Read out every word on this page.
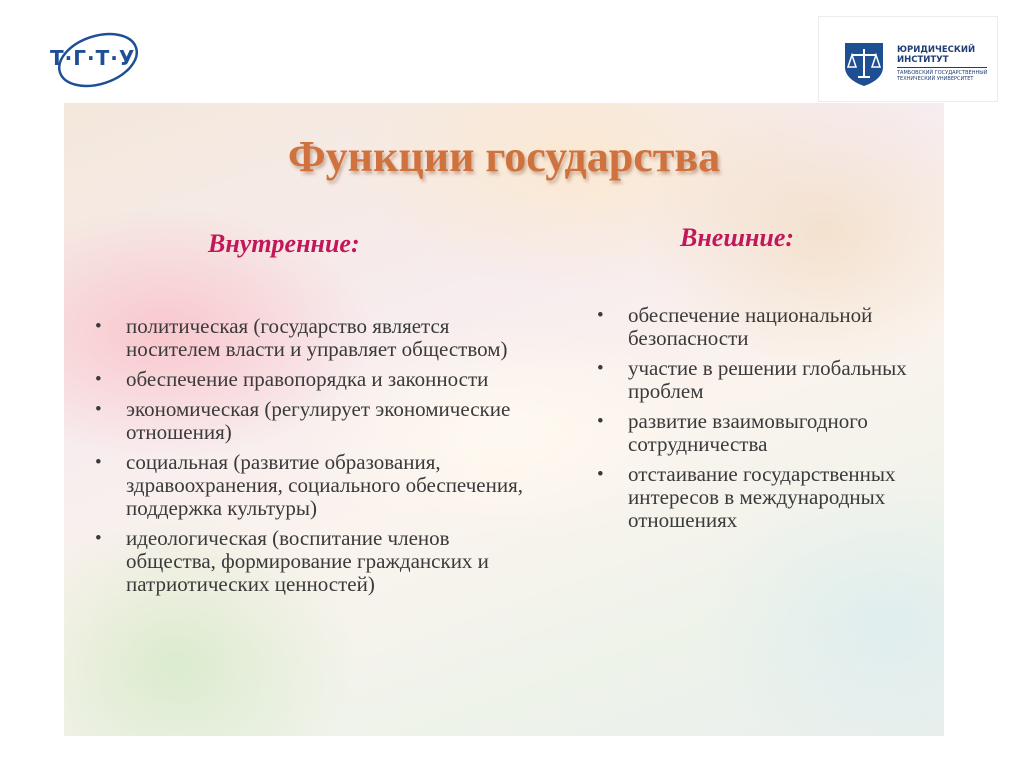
Т·Г·Т·У	ЮРИДИЧЕСКИЙ ИНСТИТУТ
ТАМБОВСКИЙ ГОСУДАРСТВЕННЫЙ ТЕХНИЧЕСКИЙ УНИВЕРСИТЕТ
Функции государства
Внутренние:	Внешние:
• политическая (государство является носителем власти и управляет обществом)
• обеспечение правопорядка и законности
• экономическая (регулирует экономические отношения)
• социальная (развитие образования, здравоохранения, социального обеспечения, поддержка культуры)
• идеологическая (воспитание членов общества, формирование гражданских и патриотических ценностей)
• обеспечение национальной безопасности
• участие в решении глобальных проблем
• развитие взаимовыгодного сотрудничества
• отстаивание государственных интересов в международных отношениях
